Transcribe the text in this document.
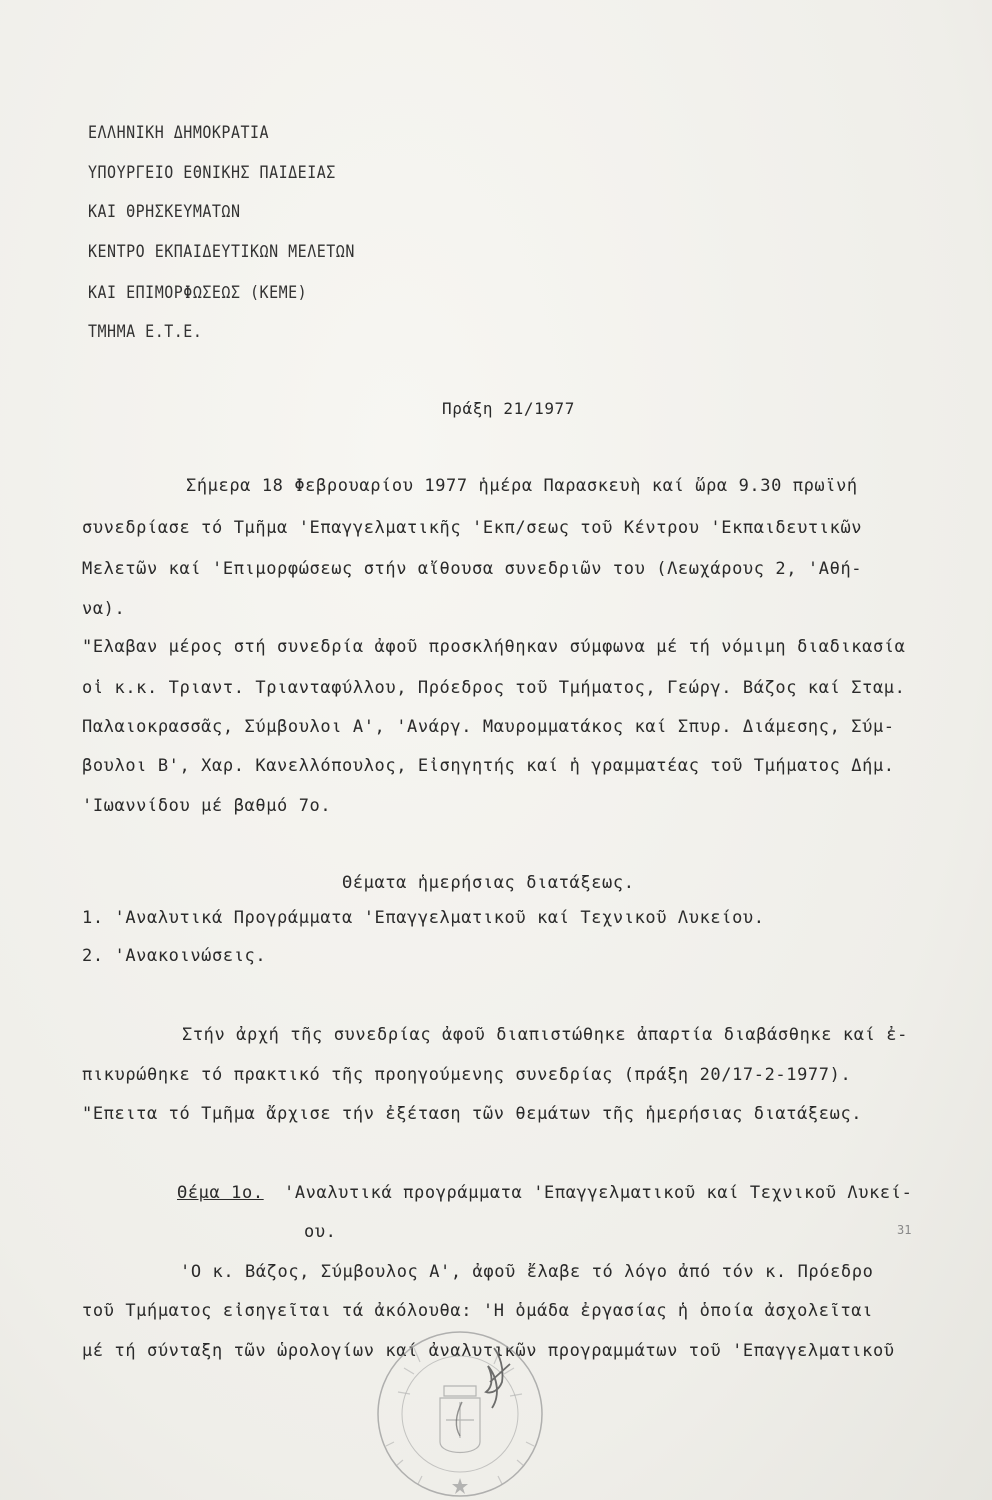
ΕΛΛΗΝΙΚΗ ΔΗΜΟΚΡΑΤΙΑ
ΥΠΟΥΡΓΕΙΟ ΕΘΝΙΚΗΣ ΠΑΙΔΕΙΑΣ
ΚΑΙ ΘΡΗΣΚΕΥΜΑΤΩΝ
ΚΕΝΤΡΟ ΕΚΠΑΙΔΕΥΤΙΚΩΝ ΜΕΛΕΤΩΝ
ΚΑΙ ΕΠΙΜΟΡΦΩΣΕΩΣ (ΚΕΜΕ)
ΤΜΗΜΑ Ε.Τ.Ε.
Πράξη 21/1977
Σήμερα 18 Φεβρουαρίου 1977 ἡμέρα Παρασκευὴ καί ὥρα 9.30 πρωϊνή
συνεδρίασε τό Τμῆμα 'Επαγγελματικῆς 'Εκπ/σεως τοῦ Κέντρου 'Εκπαιδευτικῶν
Μελετῶν καί 'Επιμορφώσεως στήν αἴθουσα συνεδριῶν του (Λεωχάρους 2, 'Αθή-
να).
"Ελαβαν μέρος στή συνεδρία ἀφοῦ προσκλήθηκαν σύμφωνα μέ τή νόμιμη διαδικασία
οἱ κ.κ. Τριαντ. Τριανταφύλλου, Πρόεδρος τοῦ Τμήματος, Γεώργ. Βάζος καί Σταμ.
Παλαιοκρασσᾶς, Σύμβουλοι Α', 'Ανάργ. Μαυρομματάκος καί Σπυρ. Διάμεσης, Σύμ-
βουλοι Β', Χαρ. Κανελλόπουλος, Εἰσηγητής καί ἡ γραμματέας τοῦ Τμήματος Δήμ.
'Ιωαννίδου μέ βαθμό 7ο.
Θέματα ἡμερήσιας διατάξεως.
1. 'Αναλυτικά Προγράμματα 'Επαγγελματικοῦ καί Τεχνικοῦ Λυκείου.
2. 'Ανακοινώσεις.
Στήν ἀρχή τῆς συνεδρίας ἀφοῦ διαπιστώθηκε ἀπαρτία διαβάσθηκε καί ἐ-
πικυρώθηκε τό πρακτικό τῆς προηγούμενης συνεδρίας (πράξη 20/17-2-1977).
"Επειτα τό Τμῆμα ἄρχισε τήν ἐξέταση τῶν θεμάτων τῆς ἡμερήσιας διατάξεως.
Θέμα 1ο. 'Αναλυτικά προγράμματα 'Επαγγελματικοῦ καί Τεχνικοῦ Λυκεί-
ου.	31
'Ο κ. Βάζος, Σύμβουλος Α', ἀφοῦ ἔλαβε τό λόγο ἀπό τόν κ. Πρόεδρο
τοῦ Τμήματος εἰσηγεῖται τά ἀκόλουθα: 'Η ὁμάδα ἐργασίας ἡ ὁποία ἀσχολεῖται
μέ τή σύνταξη τῶν ὡρολογίων καί ἀναλυτικῶν προγραμμάτων τοῦ 'Επαγγελματικοῦ
